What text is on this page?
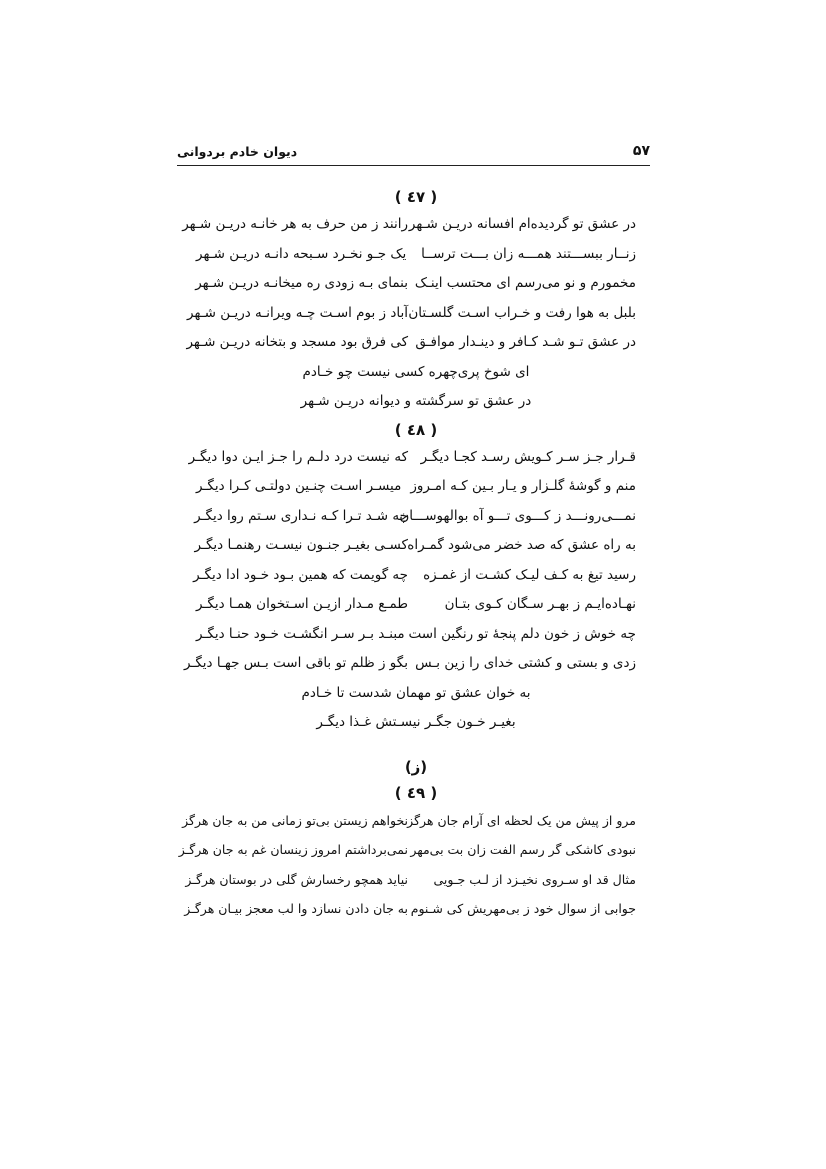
۵۷
دیوان خادم بردوانی
( ٤٧ )
در عشق تو گردیده‌ام افسانه دریـن شـهر
رانند ز من حرف به هر خانـه دریـن شـهر
زنــار ببســـتند همـــه زان بـــت ترســا
یک جـو نخـرد سـبحه دانـه دریـن شـهر
مخمورم و نو می‌رسم ای محتسب اینـک
بنمای بـه زودی ره میخانـه دریـن شـهر
بلبل به هوا رفت و خـراب اسـت گلسـتان
آباد ز بوم اسـت چـه ویرانـه دریـن شـهر
در عشق تـو شـد کـافر و دینـدار موافـق
کی فرق بود مسجد و بتخانه دریـن شـهر
ای شوخ پری‌چهره کسی نیست چو خـادم
در عشق تو سرگشته و دیوانه دریـن شـهر
( ٤٨ )
قـرار جـز سـر کـویش رسـد کجـا دیگـر
که نیست درد دلـم را جـز ایـن دوا دیگـر
منم و گوشهٔ گلـزار و یـار بـین کـه امـروز
میسـر اسـت چنـین دولتـی کـرا دیگـر
نمـــی‌رونـــد ز کـــوی تـــو آه بوالهوســـان
چه شـد تـرا کـه نـداری سـتم روا دیگـر
به راه عشق که صد خضر می‌شود گمـراه
کسـی بغیـر جنـون نیسـت رهنمـا دیگـر
رسید تیغ به کـف لیـک کشـت از غمـزه
چه گویمت که همین بـود خـود ادا دیگـر
نهـاده‌ایـم ز بهـر سـگان کـوی بتـان
طمـع مـدار ازیـن اسـتخوان همـا دیگـر
چه خوش ز خون دلم پنجهٔ تو رنگین است
مبنـد بـر سـر انگشـت خـود حنـا دیگـر
زدی و بستی و کشتی خدای را زین بـس
بگو ز ظلم تو باقی است بـس جهـا دیگـر
به خوان عشق تو مهمان شدست تا خـادم
بغیـر خـون جگـر نیسـتش غـذا دیگـر
(ز)
( ٤٩ )
مرو از پیش من یک لحظه ای آرام جان هرگز
نخواهم زیستن بی‌تو زمانی من به جان هرگز
نبودی کاشکی گر رسم الفت زان بت بی‌مهر
نمی‌برداشتم امروز زینسان غم به جان هرگـز
مثال قد او سـروی نخیـزد از لـب جـویی
نیاید همچو رخسارش گلی در بوستان هرگـز
جوابی از سوال خود ز بی‌مهریش کی شـنوم
به جان دادن نسازد وا لب معجز بیـان هرگـز
